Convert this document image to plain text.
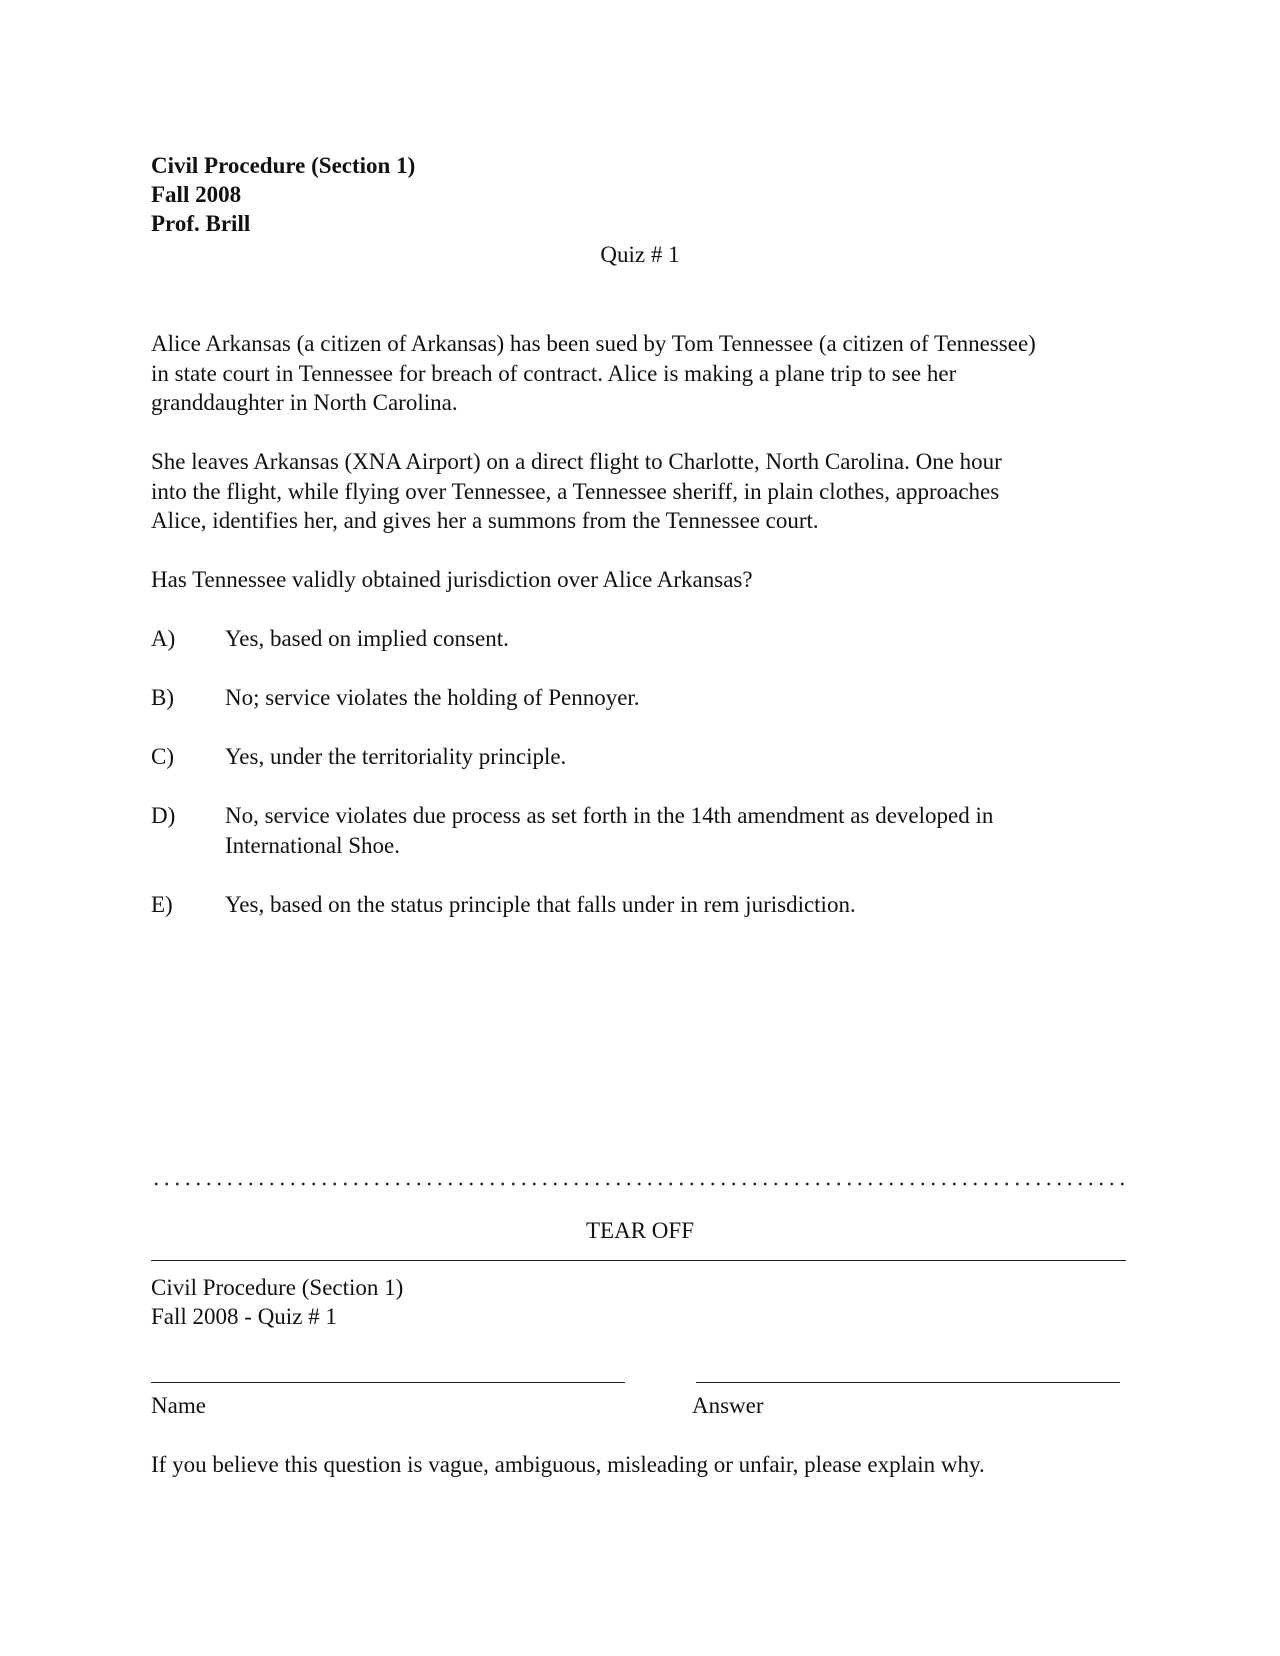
Civil Procedure (Section 1)
Fall 2008
Prof. Brill
Quiz # 1
Alice Arkansas (a citizen of Arkansas) has been sued by Tom Tennessee (a citizen of Tennessee)
in state court in Tennessee for breach of contract. Alice is making a plane trip to see her
granddaughter in North Carolina.
She leaves Arkansas (XNA Airport) on a direct flight to Charlotte, North Carolina. One hour
into the flight, while flying over Tennessee, a Tennessee sheriff, in plain clothes, approaches
Alice, identifies her, and gives her a summons from the Tennessee court.
Has Tennessee validly obtained jurisdiction over Alice Arkansas?
A) Yes, based on implied consent.
B) No; service violates the holding of Pennoyer.
C) Yes, under the territoriality principle.
D) No, service violates due process as set forth in the 14th amendment as developed in
International Shoe.
E) Yes, based on the status principle that falls under in rem jurisdiction.
TEAR OFF
Civil Procedure (Section 1)
Fall 2008 - Quiz # 1
Name	Answer
If you believe this question is vague, ambiguous, misleading or unfair, please explain why.
